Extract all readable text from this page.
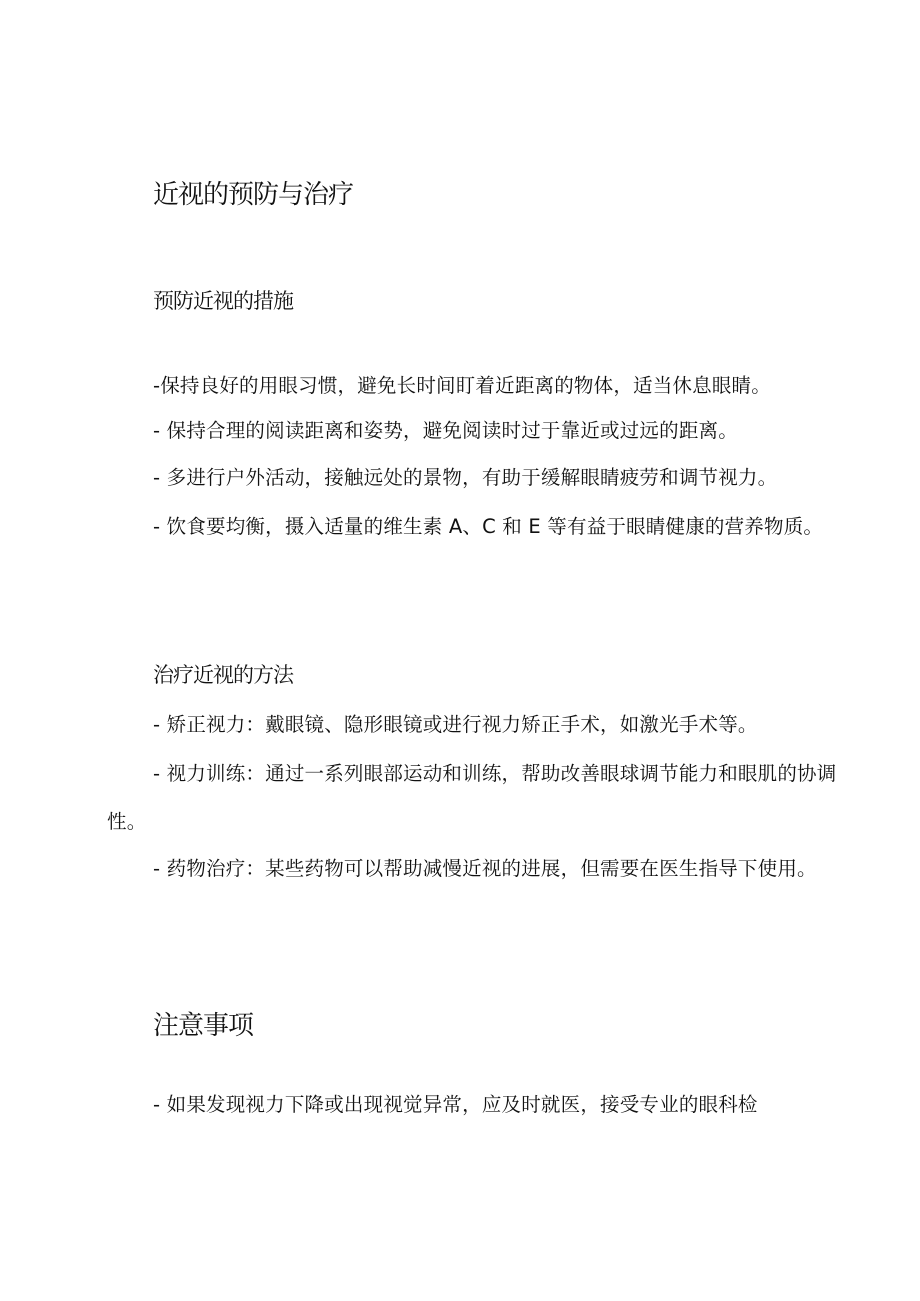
近视的预防与治疗
预防近视的措施

-保持良好的用眼习惯，避免长时间盯着近距离的物体，适当休息眼睛。

- 保持合理的阅读距离和姿势，避免阅读时过于靠近或过远的距离。

- 多进行户外活动，接触远处的景物，有助于缓解眼睛疲劳和调节视力。

- 饮食要均衡，摄入适量的维生素 A、C 和 E 等有益于眼睛健康的营养物质。

治疗近视的方法

- 矫正视力：戴眼镜、隐形眼镜或进行视力矫正手术，如激光手术等。

- 视力训练：通过一系列眼部运动和训练，帮助改善眼球调节能力和眼肌的协调性。

- 药物治疗：某些药物可以帮助减慢近视的进展，但需要在医生指导下使用。

注意事项

- 如果发现视力下降或出现视觉异常，应及时就医，接受专业的眼科检
